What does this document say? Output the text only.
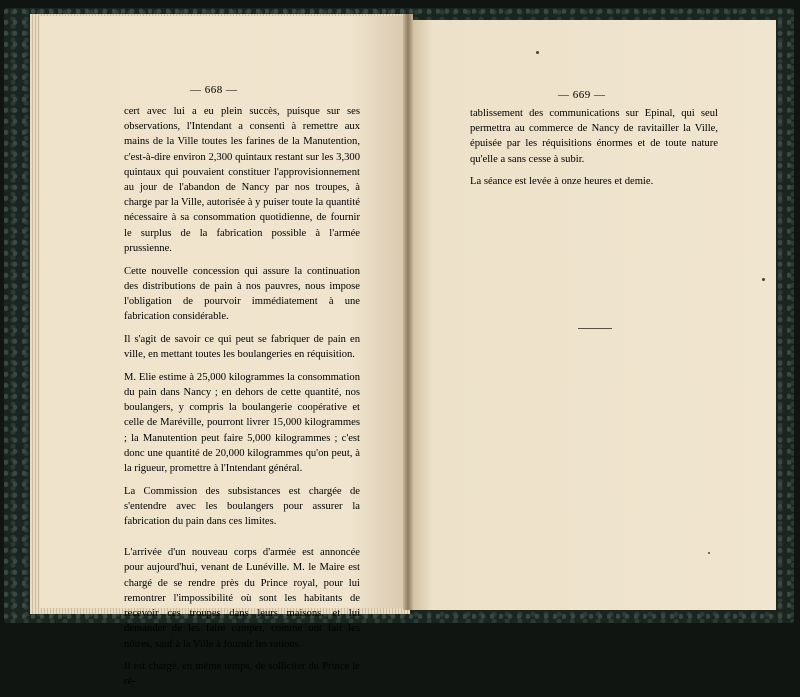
— 668 —

cert avec lui a eu plein succès, puisque sur ses observations, l'Intendant a consenti à remettre aux mains de la Ville toutes les farines de la Manutention, c'est-à-dire environ 2,300 quintaux restant sur les 3,300 quintaux qui pouvaient constituer l'approvisionnement au jour de l'abandon de Nancy par nos troupes, à charge par la Ville, autorisée à y puiser toute la quantité nécessaire à sa consommation quotidienne, de fournir le surplus de la fabrication possible à l'armée prussienne.

Cette nouvelle concession qui assure la continuation des distributions de pain à nos pauvres, nous impose l'obligation de pourvoir immédiatement à une fabrication considérable.

Il s'agit de savoir ce qui peut se fabriquer de pain en ville, en mettant toutes les boulangeries en réquisition.

M. Elie estime à 25,000 kilogrammes la consommation du pain dans Nancy ; en dehors de cette quantité, nos boulangers, y compris la boulangerie coopérative et celle de Maréville, pourront livrer 15,000 kilogrammes ; la Manutention peut faire 5,000 kilogrammes ; c'est donc une quantité de 20,000 kilogrammes qu'on peut, à la rigueur, promettre à l'Intendant général.

La Commission des subsistances est chargée de s'entendre avec les boulangers pour assurer la fabrication du pain dans ces limites.

L'arrivée d'un nouveau corps d'armée est annoncée pour aujourd'hui, venant de Lunéville. M. le Maire est chargé de se rendre près du Prince royal, pour lui remontrer l'impossibilité où sont les habitants de recevoir ces troupes dans leurs maisons, et lui demander de les faire camper, comme ont fait les nôtres, sauf à la Ville à fournir les rations.

Il est chargé, en même temps, de solliciter du Prince le ré-

— 669 —

tablissement des communications sur Epinal, qui seul permettra au commerce de Nancy de ravitailler la Ville, épuisée par les réquisitions énormes et de toute nature qu'elle a sans cesse à subir.

La séance est levée à onze heures et demie.
